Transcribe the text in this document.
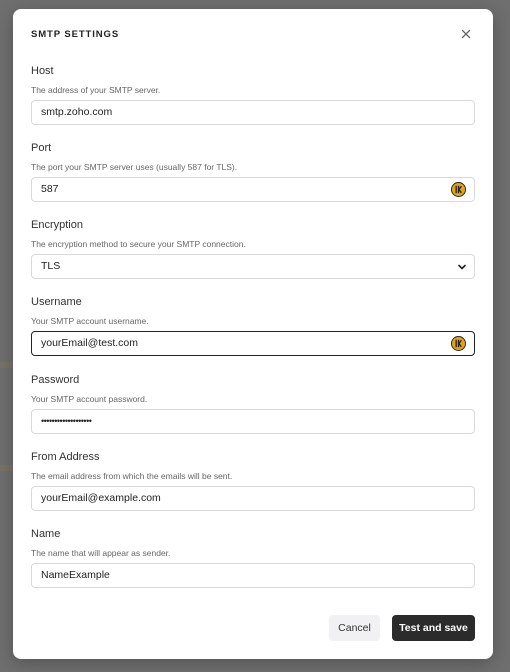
SMTP SETTINGS
Host
The address of your SMTP server.
smtp.zoho.com
Port
The port your SMTP server uses (usually 587 for TLS).
587
Encryption
The encryption method to secure your SMTP connection.
TLS
Username
Your SMTP account username.
yourEmail@test.com
Password
Your SMTP account password.
•••••••••••••••••••
From Address
The email address from which the emails will be sent.
yourEmail@example.com
Name
The name that will appear as sender.
NameExample
Cancel	Test and save
